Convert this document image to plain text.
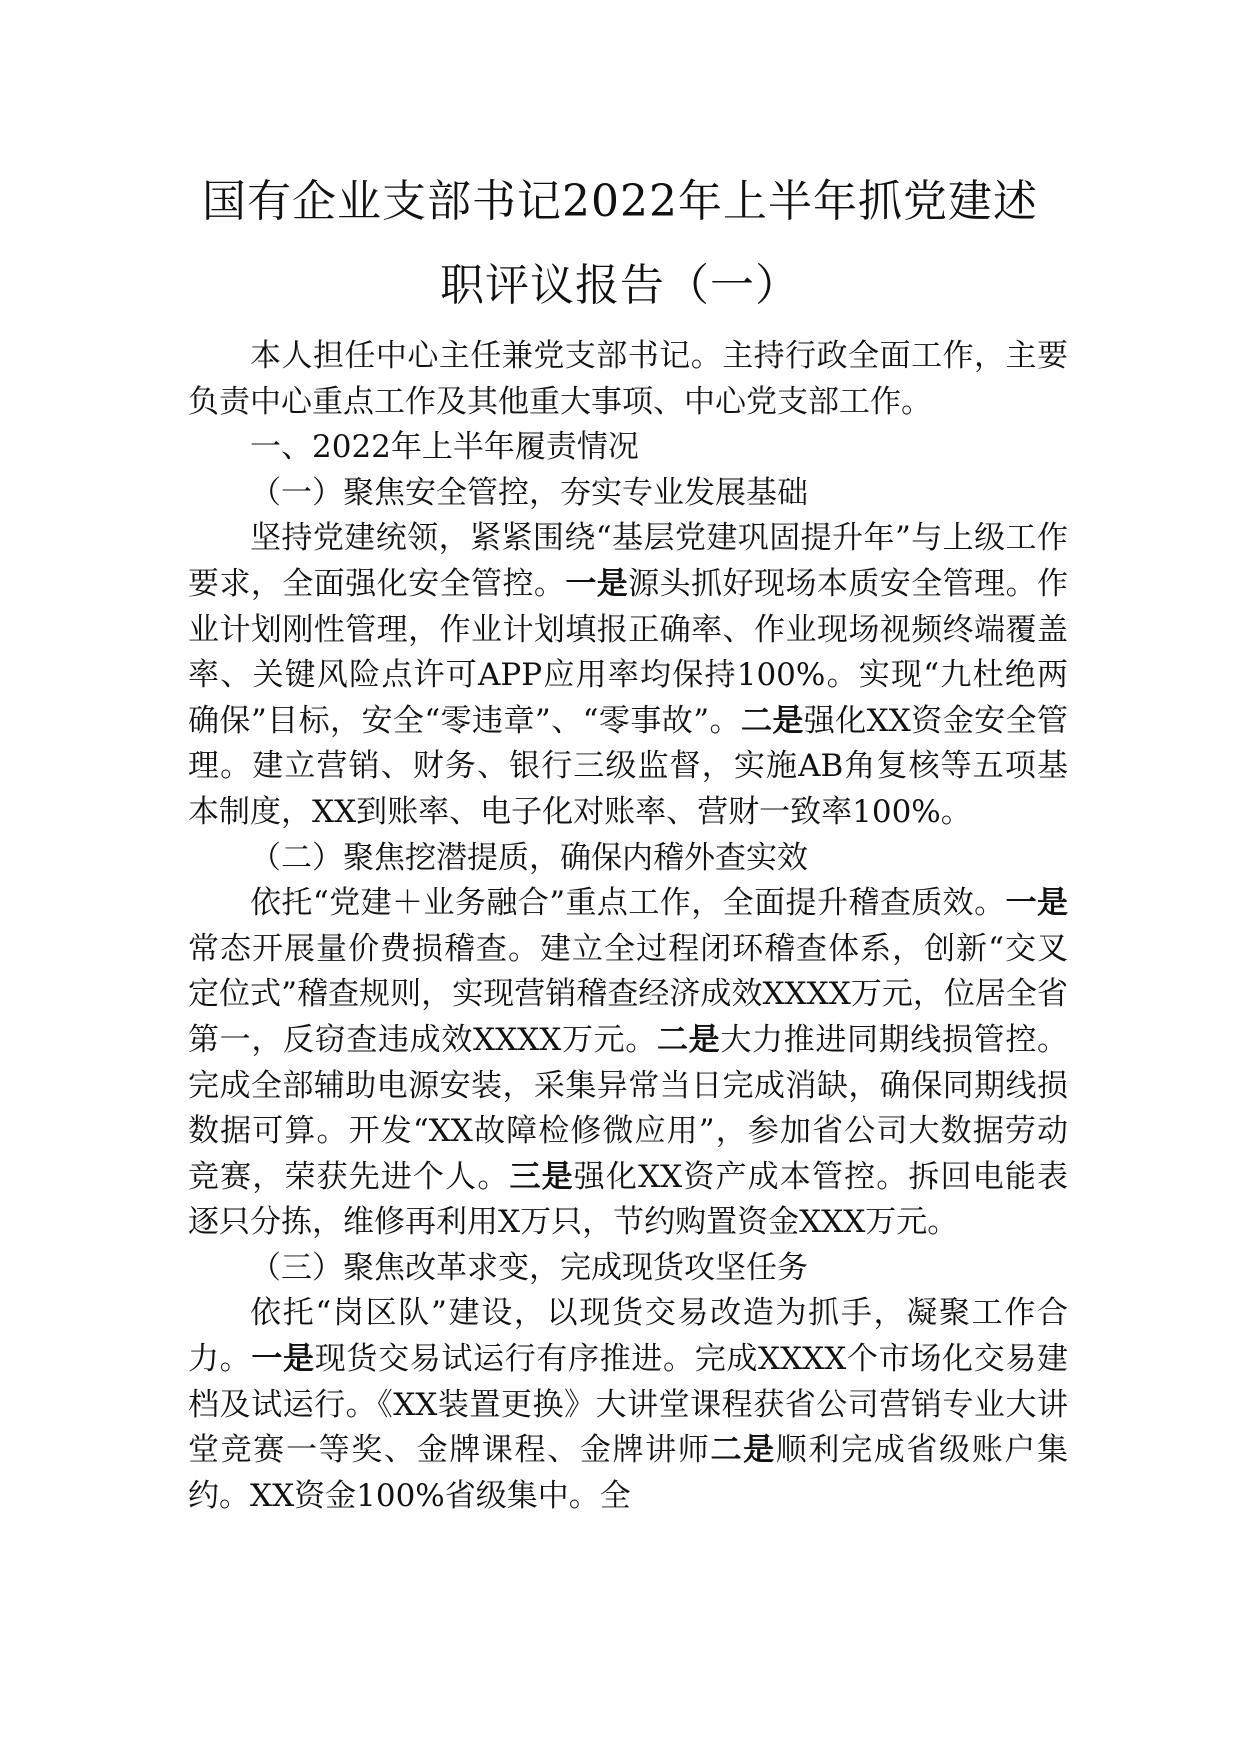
国有企业支部书记2022年上半年抓党建述
职评议报告（一）

本人担任中心主任兼党支部书记。主持行政全面工作，主要负责中心重点工作及其他重大事项、中心党支部工作。

一、2022年上半年履责情况

（一）聚焦安全管控，夯实专业发展基础

坚持党建统领，紧紧围绕“基层党建巩固提升年”与上级工作要求，全面强化安全管控。一是源头抓好现场本质安全管理。作业计划刚性管理，作业计划填报正确率、作业现场视频终端覆盖率、关键风险点许可APP应用率均保持100%。实现“九杜绝两确保”目标，安全“零违章”、“零事故”。二是强化XX资金安全管理。建立营销、财务、银行三级监督，实施AB角复核等五项基本制度，XX到账率、电子化对账率、营财一致率100%。

（二）聚焦挖潜提质，确保内稽外查实效

依托“党建＋业务融合”重点工作，全面提升稽查质效。一是常态开展量价费损稽查。建立全过程闭环稽查体系，创新“交叉定位式”稽查规则，实现营销稽查经济成效XXXX万元，位居全省第一，反窃查违成效XXXX万元。二是大力推进同期线损管控。完成全部辅助电源安装，采集异常当日完成消缺，确保同期线损数据可算。开发“XX故障检修微应用”，参加省公司大数据劳动竞赛，荣获先进个人。三是强化XX资产成本管控。拆回电能表逐只分拣，维修再利用X万只，节约购置资金XXX万元。

（三）聚焦改革求变，完成现货攻坚任务

依托“岗区队”建设，以现货交易改造为抓手，凝聚工作合力。一是现货交易试运行有序推进。完成XXXX个市场化交易建档及试运行。《XX装置更换》大讲堂课程获省公司营销专业大讲堂竞赛一等奖、金牌课程、金牌讲师二是顺利完成省级账户集约。XX资金100%省级集中。全
